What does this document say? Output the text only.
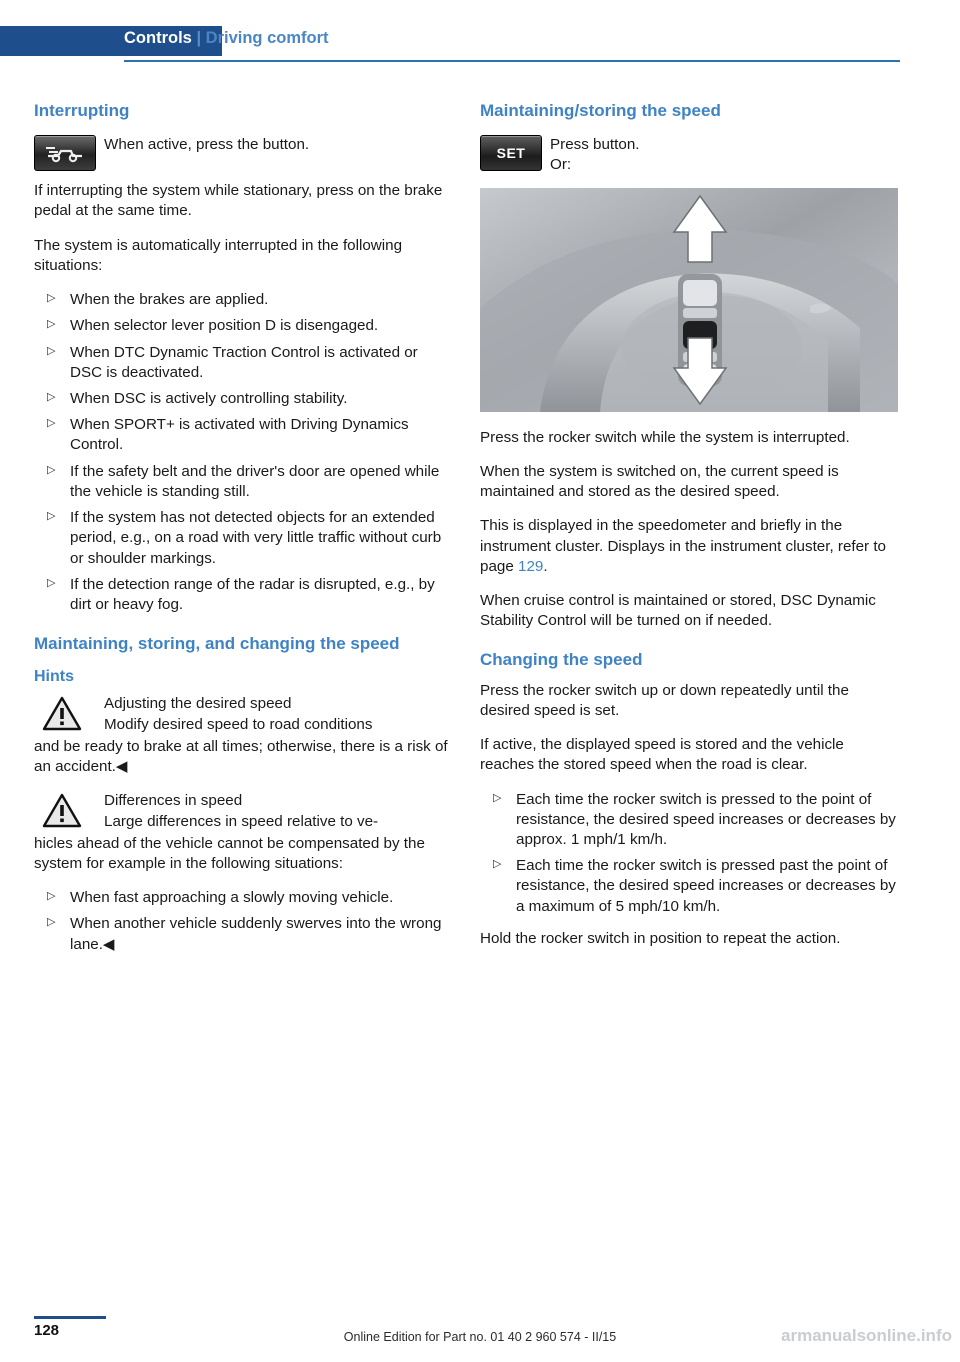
Controls | Driving comfort
Interrupting
When active, press the button.

If interrupting the system while stationary, press on the brake pedal at the same time.

The system is automatically interrupted in the following situations:

▷ When the brakes are applied.
▷ When selector lever position D is disengaged.
▷ When DTC Dynamic Traction Control is activated or DSC is deactivated.
▷ When DSC is actively controlling stability.
▷ When SPORT+ is activated with Driving Dynamics Control.
▷ If the safety belt and the driver's door are opened while the vehicle is standing still.
▷ If the system has not detected objects for an extended period, e.g., on a road with very little traffic without curb or shoulder markings.
▷ If the detection range of the radar is disrupted, e.g., by dirt or heavy fog.
Maintaining, storing, and changing the speed
Hints
Adjusting the desired speed
Modify desired speed to road conditions
and be ready to brake at all times; otherwise, there is a risk of an accident.◀
Differences in speed
Large differences in speed relative to ve-
hicles ahead of the vehicle cannot be compensated by the system for example in the following situations:
▷ When fast approaching a slowly moving vehicle.
▷ When another vehicle suddenly swerves into the wrong lane.◀
Maintaining/storing the speed
SET	Press button.
Or:

Press the rocker switch while the system is interrupted.

When the system is switched on, the current speed is maintained and stored as the desired speed.

This is displayed in the speedometer and briefly in the instrument cluster. Displays in the instrument cluster, refer to page 129.

When cruise control is maintained or stored, DSC Dynamic Stability Control will be turned on if needed.

Changing the speed

Press the rocker switch up or down repeatedly until the desired speed is set.

If active, the displayed speed is stored and the vehicle reaches the stored speed when the road is clear.

▷ Each time the rocker switch is pressed to the point of resistance, the desired speed increases or decreases by approx. 1 mph/1 km/h.
▷ Each time the rocker switch is pressed past the point of resistance, the desired speed increases or decreases by a maximum of 5 mph/10 km/h.

Hold the rocker switch in position to repeat the action.

128	Online Edition for Part no. 01 40 2 960 574 - II/15	armanualsonline.info
